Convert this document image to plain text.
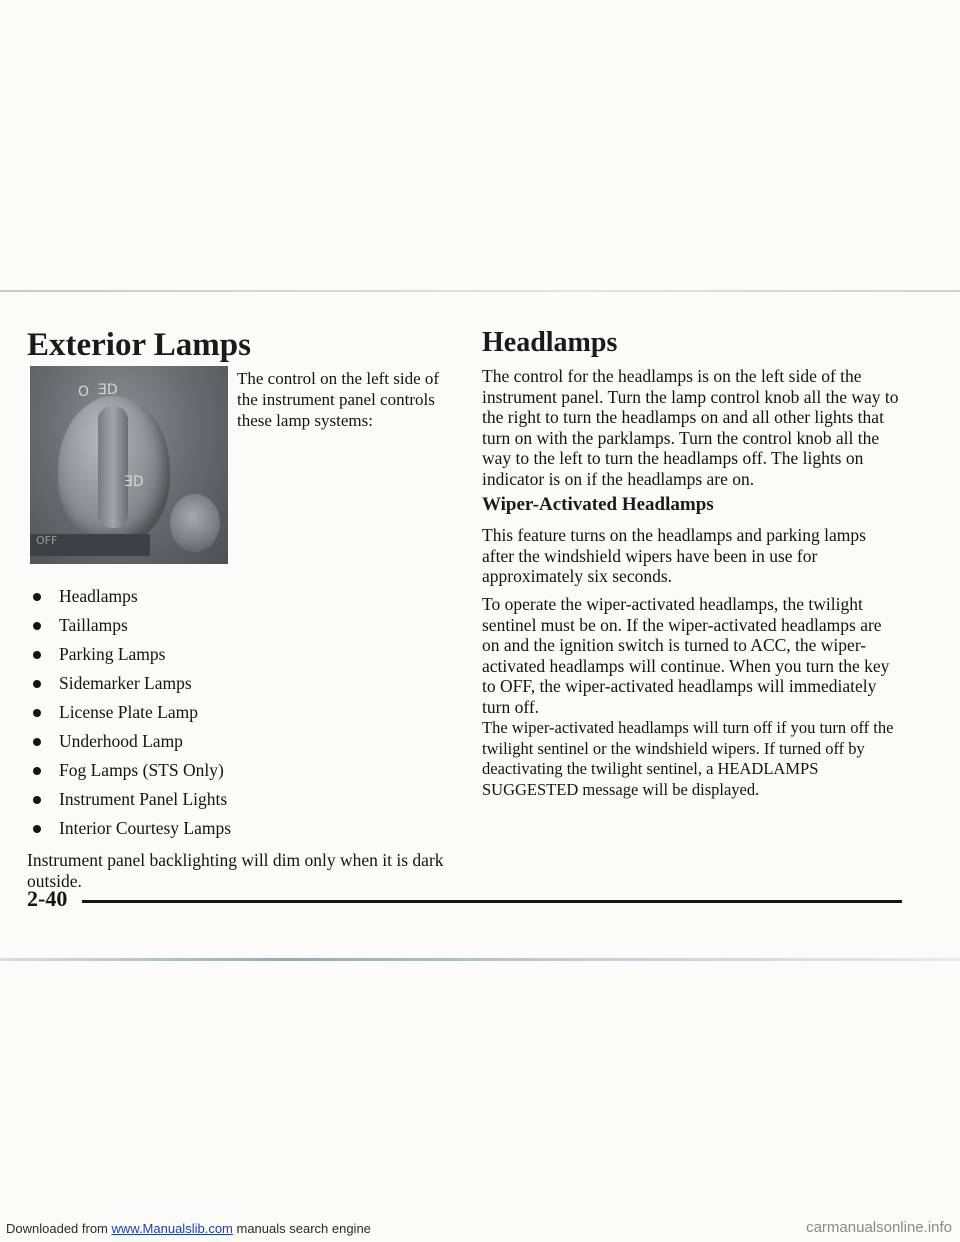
Exterior Lamps
O ƎD
ƎD
OFF

The control on the left side of the instrument panel controls these lamp systems:

Headlamps
Taillamps
Parking Lamps
Sidemarker Lamps
License Plate Lamp
Underhood Lamp
Fog Lamps (STS Only)
Instrument Panel Lights
Interior Courtesy Lamps

Instrument panel backlighting will dim only when it is dark outside.

Headlamps

The control for the headlamps is on the left side of the instrument panel. Turn the lamp control knob all the way to the right to turn the headlamps on and all other lights that turn on with the parklamps. Turn the control knob all the way to the left to turn the headlamps off. The lights on indicator is on if the headlamps are on.

Wiper-Activated Headlamps

This feature turns on the headlamps and parking lamps after the windshield wipers have been in use for approximately six seconds.

To operate the wiper-activated headlamps, the twilight sentinel must be on. If the wiper-activated headlamps are on and the ignition switch is turned to ACC, the wiper-activated headlamps will continue. When you turn the key to OFF, the wiper-activated headlamps will immediately turn off.

The wiper-activated headlamps will turn off if you turn off the twilight sentinel or the windshield wipers. If turned off by deactivating the twilight sentinel, a HEADLAMPS SUGGESTED message will be displayed.

2-40
Downloaded from www.Manualslib.com manuals search engine	carmanualsonline.info
